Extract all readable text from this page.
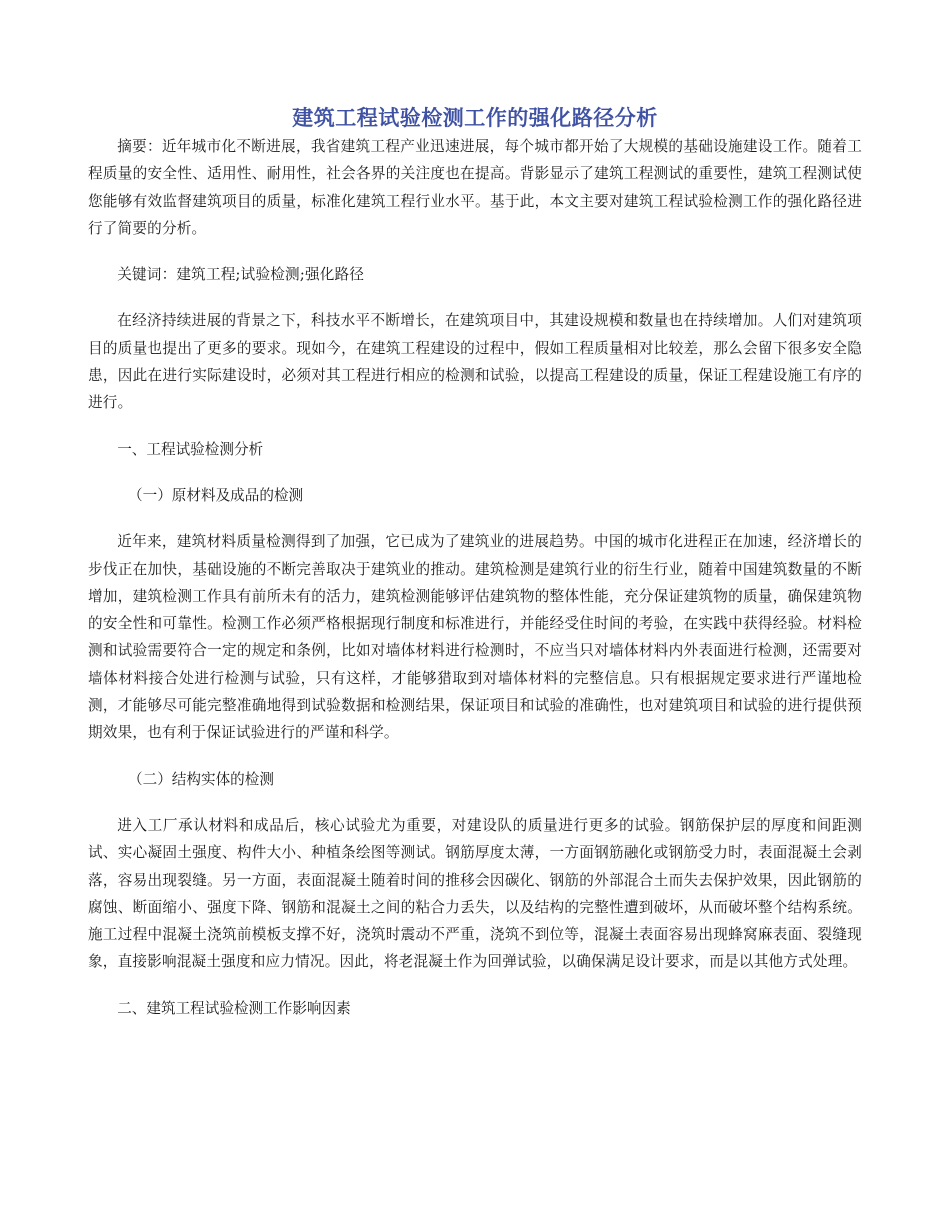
建筑工程试验检测工作的强化路径分析

摘要：近年城市化不断进展，我省建筑工程产业迅速进展，每个城市都开始了大规模的基础设施建设工作。随着工程质量的安全性、适用性、耐用性，社会各界的关注度也在提高。背影显示了建筑工程测试的重要性，建筑工程测试使您能够有效监督建筑项目的质量，标准化建筑工程行业水平。基于此，本文主要对建筑工程试验检测工作的强化路径进行了简要的分析。

关键词：建筑工程;试验检测;强化路径

在经济持续进展的背景之下，科技水平不断增长，在建筑项目中，其建设规模和数量也在持续增加。人们对建筑项目的质量也提出了更多的要求。现如今，在建筑工程建设的过程中，假如工程质量相对比较差，那么会留下很多安全隐患，因此在进行实际建设时，必须对其工程进行相应的检测和试验，以提高工程建设的质量，保证工程建设施工有序的进行。

一、工程试验检测分析

（一）原材料及成品的检测

近年来，建筑材料质量检测得到了加强，它已成为了建筑业的进展趋势。中国的城市化进程正在加速，经济增长的步伐正在加快，基础设施的不断完善取决于建筑业的推动。建筑检测是建筑行业的衍生行业，随着中国建筑数量的不断增加，建筑检测工作具有前所未有的活力，建筑检测能够评估建筑物的整体性能，充分保证建筑物的质量，确保建筑物的安全性和可靠性。检测工作必须严格根据现行制度和标准进行，并能经受住时间的考验，在实践中获得经验。材料检测和试验需要符合一定的规定和条例，比如对墙体材料进行检测时，不应当只对墙体材料内外表面进行检测，还需要对墙体材料接合处进行检测与试验，只有这样，才能够猎取到对墙体材料的完整信息。只有根据规定要求进行严谨地检测，才能够尽可能完整准确地得到试验数据和检测结果，保证项目和试验的准确性，也对建筑项目和试验的进行提供预期效果，也有利于保证试验进行的严谨和科学。

（二）结构实体的检测

进入工厂承认材料和成品后，核心试验尤为重要，对建设队的质量进行更多的试验。钢筋保护层的厚度和间距测试、实心凝固土强度、构件大小、种植条绘图等测试。钢筋厚度太薄，一方面钢筋融化或钢筋受力时，表面混凝土会剥落，容易出现裂缝。另一方面，表面混凝土随着时间的推移会因碳化、钢筋的外部混合土而失去保护效果，因此钢筋的腐蚀、断面缩小、强度下降、钢筋和混凝土之间的粘合力丢失，以及结构的完整性遭到破坏，从而破坏整个结构系统。施工过程中混凝土浇筑前模板支撑不好，浇筑时震动不严重，浇筑不到位等，混凝土表面容易出现蜂窝麻表面、裂缝现象，直接影响混凝土强度和应力情况。因此，将老混凝土作为回弹试验，以确保满足设计要求，而是以其他方式处理。

二、建筑工程试验检测工作影响因素
